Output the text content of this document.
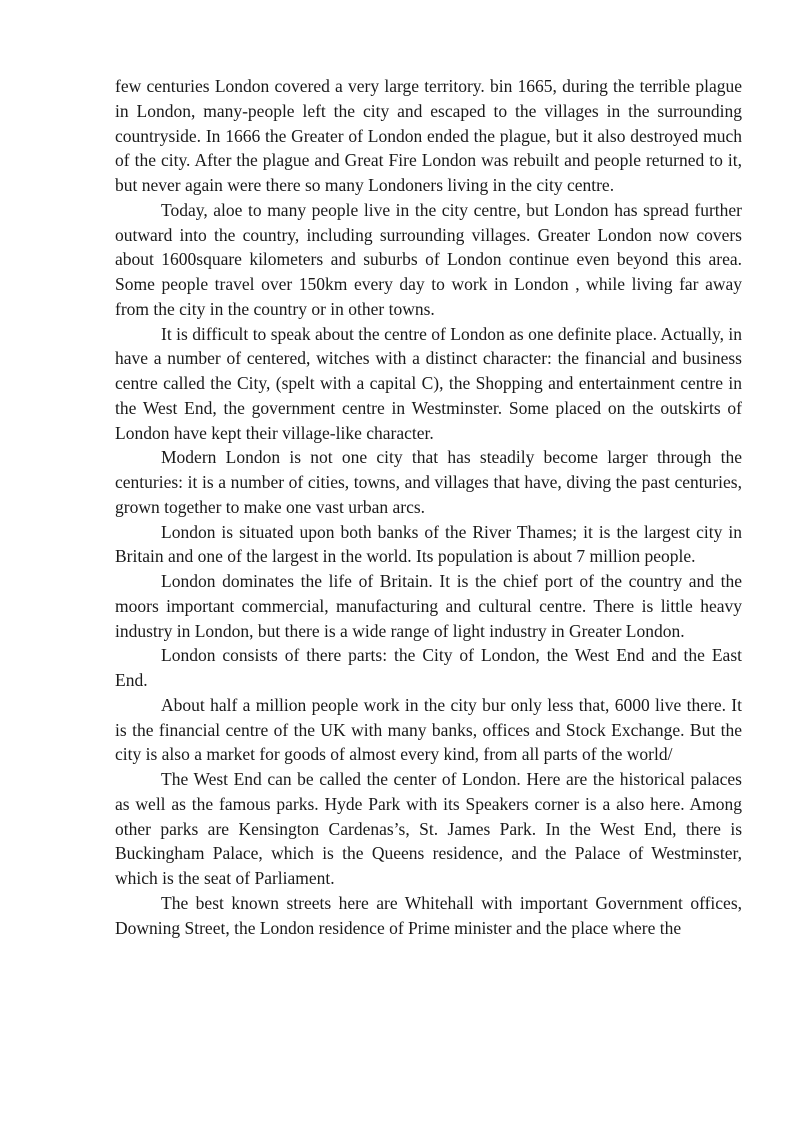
few centuries London covered a very large territory. bin 1665, during the terrible plague in London, many-people left the city and escaped to the villages in the surrounding countryside. In 1666 the Greater of London ended the plague, but it also destroyed much of the city. After the plague and Great Fire London was rebuilt and people returned to it, but never again were there so many Londoners living in the city centre.

Today, aloe to many people live in the city centre, but London has spread further outward into the country, including surrounding villages. Greater London now covers about 1600square kilometers and suburbs of London continue even beyond this area. Some people travel over 150km every day to work in London , while living far away from the city in the country or in other towns.

It is difficult to speak about the centre of London as one definite place. Actually, in have a number of centered, witches with a distinct character: the financial and business centre called the City, (spelt with a capital C), the Shopping and entertainment centre in the West End, the government centre in Westminster. Some placed on the outskirts of London have kept their village-like character.

Modern London is not one city that has steadily become larger through the centuries: it is a number of cities, towns, and villages that have, diving the past centuries, grown together to make one vast urban arcs.

London is situated upon both banks of the River Thames; it is the largest city in Britain and one of the largest in the world. Its population is about 7 million people.

London dominates the life of Britain. It is the chief port of the country and the moors important commercial, manufacturing and cultural centre. There is little heavy industry in London, but there is a wide range of light industry in Greater London.

London consists of there parts: the City of London, the West End and the East End.

About half a million people work in the city bur only less that, 6000 live there. It is the financial centre of the UK with many banks, offices and Stock Exchange. But the city is also a market for goods of almost every kind, from all parts of the world/

The West End can be called the center of London. Here are the historical palaces as well as the famous parks. Hyde Park with its Speakers corner is a also here. Among other parks are Kensington Cardenas’s, St. James Park. In the West End, there is Buckingham Palace, which is the Queens residence, and the Palace of Westminster, which is the seat of Parliament.

The best known streets here are Whitehall with important Government offices, Downing Street, the London residence of Prime minister and the place where the
